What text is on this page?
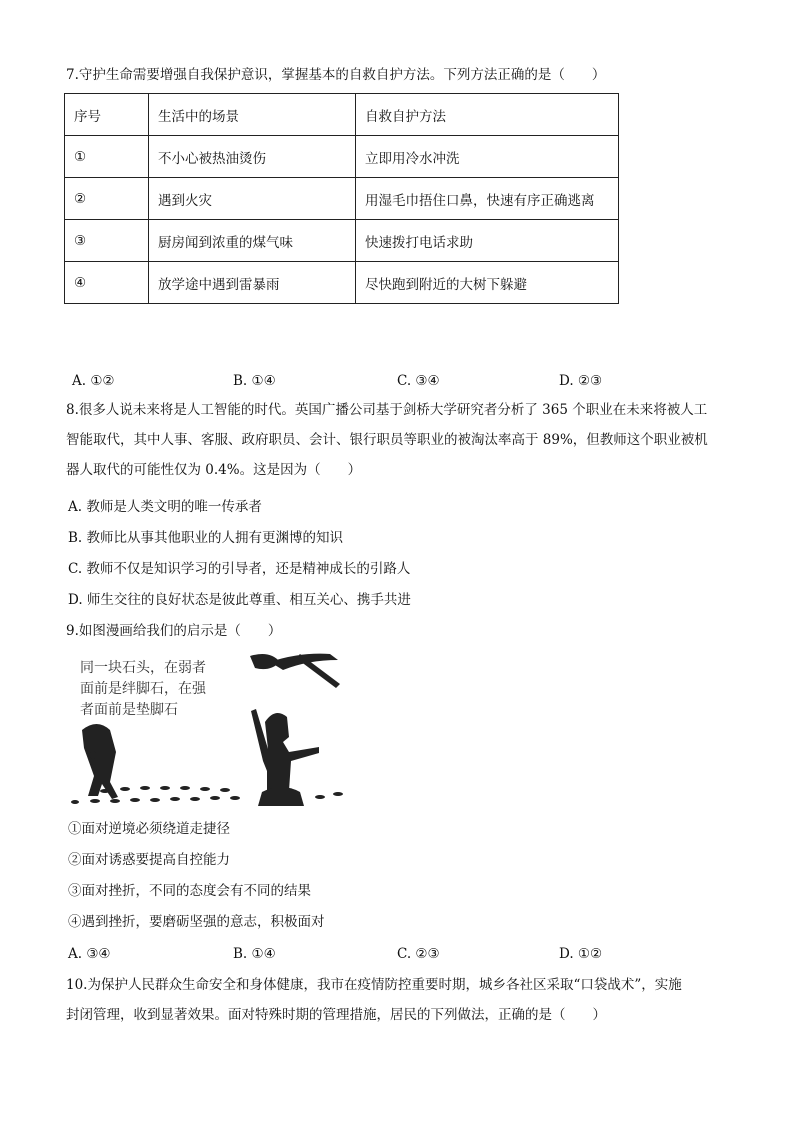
7.守护生命需要增强自我保护意识，掌握基本的自救自护方法。下列方法正确的是（　　）
序号	生活中的场景	自救自护方法
①	不小心被热油烫伤	立即用冷水冲洗
②	遇到火灾	用湿毛巾捂住口鼻，快速有序正确逃离
③	厨房闻到浓重的煤气味	快速拨打电话求助
④	放学途中遇到雷暴雨	尽快跑到附近的大树下躲避
A. ①②	B. ①④	C. ③④	D. ②③
8.很多人说未来将是人工智能的时代。英国广播公司基于剑桥大学研究者分析了 365 个职业在未来将被人工
智能取代，其中人事、客服、政府职员、会计、银行职员等职业的被淘汰率高于 89%，但教师这个职业被机
器人取代的可能性仅为 0.4%。这是因为（　　）
A. 教师是人类文明的唯一传承者
B. 教师比从事其他职业的人拥有更渊博的知识
C. 教师不仅是知识学习的引导者，还是精神成长的引路人
D. 师生交往的良好状态是彼此尊重、相互关心、携手共进
9.如图漫画给我们的启示是（　　）
同一块石头，在弱者
面前是绊脚石，在强
者面前是垫脚石
①面对逆境必须绕道走捷径
②面对诱惑要提高自控能力
③面对挫折，不同的态度会有不同的结果
④遇到挫折，要磨砺坚强的意志，积极面对
A. ③④	B. ①④	C. ②③	D. ①②
10.为保护人民群众生命安全和身体健康，我市在疫情防控重要时期，城乡各社区采取“口袋战术”，实施
封闭管理，收到显著效果。面对特殊时期的管理措施，居民的下列做法，正确的是（　　）
